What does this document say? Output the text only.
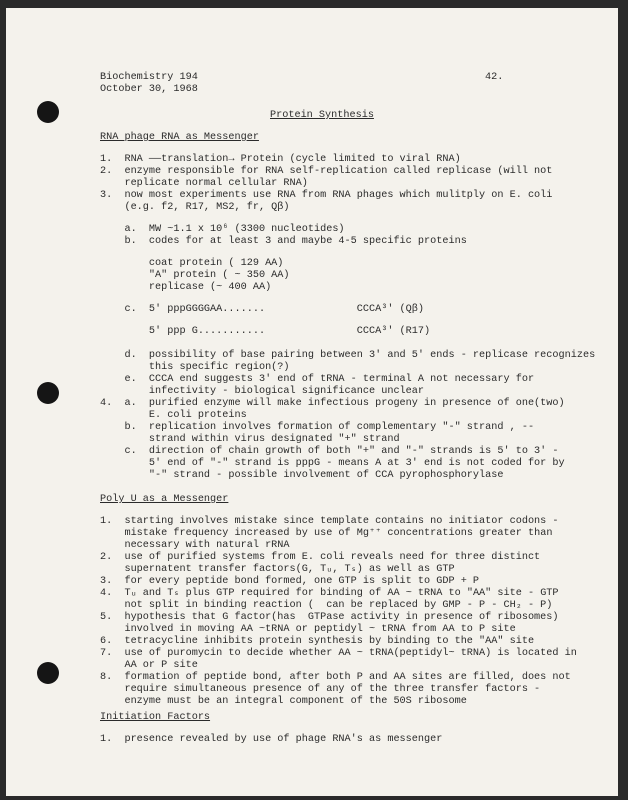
Biochemistry 194
October 30, 1968
42.
Protein Synthesis
RNA phage RNA as Messenger
1.  RNA ——translation→ Protein (cycle limited to viral RNA)
2.  enzyme responsible for RNA self-replication called replicase (will not
replicate normal cellular RNA)
3.  now most experiments use RNA from RNA phages which mulitply on E. coli
(e.g. f2, R17, MS2, fr, Qβ)
a.  MW ~1.1 x 10⁶ (3300 nucleotides)
b.  codes for at least 3 and maybe 4-5 specific proteins
coat protein ( 129 AA)
"A" protein ( ~ 350 AA)
replicase (~ 400 AA)
c.  5' pppGGGGAA.......               CCCA³' (Qβ)
5' ppp G...........               CCCA³' (R17)
d.  possibility of base pairing between 3' and 5' ends - replicase recognizes
this specific region(?)
e.  CCCA end suggests 3' end of tRNA - terminal A not necessary for
infectivity - biological significance unclear
4.  a.  purified enzyme will make infectious progeny in presence of one(two)
E. coli proteins
b.  replication involves formation of complementary "-" strand , --
strand within virus designated "+" strand
c.  direction of chain growth of both "+" and "-" strands is 5' to 3' -
5' end of "-" strand is pppG - means A at 3' end is not coded for by
"-" strand - possible involvement of CCA pyrophosphorylase
Poly U as a Messenger
1.  starting involves mistake since template contains no initiator codons -
mistake frequency increased by use of Mg⁺⁺ concentrations greater than
necessary with natural rRNA
2.  use of purified systems from E. coli reveals need for three distinct
supernatent transfer factors(G, Tᵤ, Tₛ) as well as GTP
3.  for every peptide bond formed, one GTP is split to GDP + P
4.  Tᵤ and Tₛ plus GTP required for binding of AA ~ tRNA to "AA" site - GTP
not split in binding reaction (  can be replaced by GMP - P - CH₂ - P)
5.  hypothesis that G factor(has  GTPase activity in presence of ribosomes)
involved in moving AA ~tRNA or peptidyl ~ tRNA from AA to P site
6.  tetracycline inhibits protein synthesis by binding to the "AA" site
7.  use of puromycin to decide whether AA ~ tRNA(peptidyl~ tRNA) is located in
AA or P site
8.  formation of peptide bond, after both P and AA sites are filled, does not
require simultaneous presence of any of the three transfer factors -
enzyme must be an integral component of the 50S ribosome
Initiation Factors
1.  presence revealed by use of phage RNA's as messenger
